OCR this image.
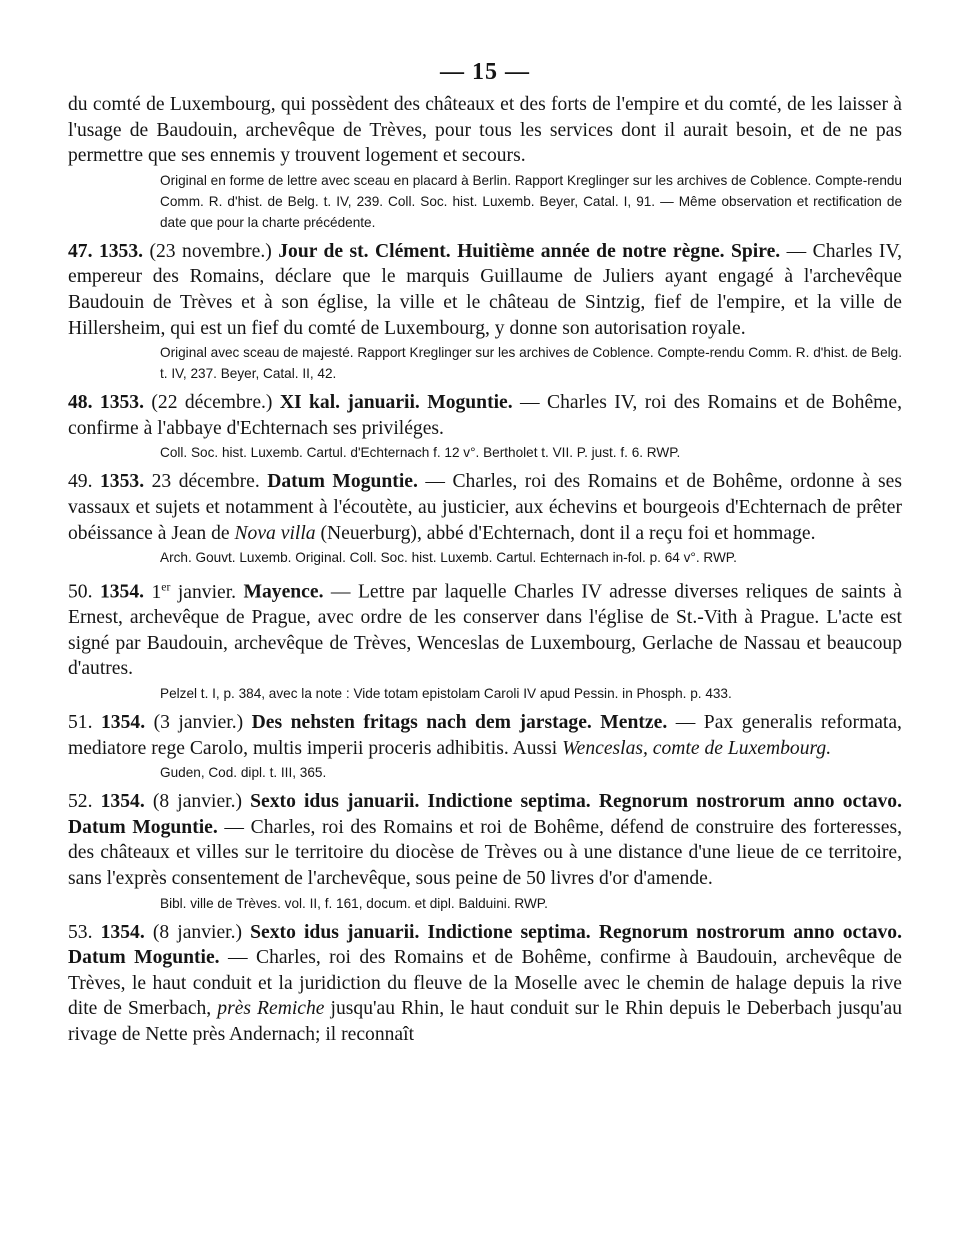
— 15 —

du comté de Luxembourg, qui possèdent des châteaux et des forts de l'empire et du comté, de les laisser à l'usage de Baudouin, archevêque de Trèves, pour tous les services dont il aurait besoin, et de ne pas permettre que ses ennemis y trouvent logement et secours.

Original en forme de lettre avec sceau en placard à Berlin. Rapport Kreglinger sur les archives de Coblence. Compte-rendu Comm. R. d'hist. de Belg. t. IV, 239. Coll. Soc. hist. Luxemb. Beyer, Catal. I, 91. — Même observation et rectification de date que pour la charte précédente.

47. 1353. (23 novembre.) Jour de st. Clément. Huitième année de notre règne. Spire. — Charles IV, empereur des Romains, déclare que le marquis Guillaume de Juliers ayant engagé à l'archevêque Baudouin de Trèves et à son église, la ville et le château de Sintzig, fief de l'empire, et la ville de Hillersheim, qui est un fief du comté de Luxembourg, y donne son autorisation royale.

Original avec sceau de majesté. Rapport Kreglinger sur les archives de Coblence. Compte-rendu Comm. R. d'hist. de Belg. t. IV, 237. Beyer, Catal. II, 42.

48. 1353. (22 décembre.) XI kal. januarii. Moguntie. — Charles IV, roi des Romains et de Bohême, confirme à l'abbaye d'Echternach ses priviléges.

Coll. Soc. hist. Luxemb. Cartul. d'Echternach f. 12 v°. Bertholet t. VII. P. just. f. 6. RWP.

49. 1353. 23 décembre. Datum Moguntie. — Charles, roi des Romains et de Bohême, ordonne à ses vassaux et sujets et notamment à l'écoutète, au justicier, aux échevins et bourgeois d'Echternach de prêter obéissance à Jean de Nova villa (Neuerburg), abbé d'Echternach, dont il a reçu foi et hommage.

Arch. Gouvt. Luxemb. Original. Coll. Soc. hist. Luxemb. Cartul. Echternach in-fol. p. 64 v°. RWP.

50. 1354. 1er janvier. Mayence. — Lettre par laquelle Charles IV adresse diverses reliques de saints à Ernest, archevêque de Prague, avec ordre de les conserver dans l'église de St.-Vith à Prague. L'acte est signé par Baudouin, archevêque de Trèves, Wenceslas de Luxembourg, Gerlache de Nassau et beaucoup d'autres.

Pelzel t. I, p. 384, avec la note : Vide totam epistolam Caroli IV apud Pessin. in Phosph. p. 433.

51. 1354. (3 janvier.) Des nehsten fritags nach dem jarstage. Mentze. — Pax generalis reformata, mediatore rege Carolo, multis imperii proceris adhibitis. Aussi Wenceslas, comte de Luxembourg.

Guden, Cod. dipl. t. III, 365.

52. 1354. (8 janvier.) Sexto idus januarii. Indictione septima. Regnorum nostrorum anno octavo. Datum Moguntie. — Charles, roi des Romains et roi de Bohême, défend de construire des forteresses, des châteaux et villes sur le territoire du diocèse de Trèves ou à une distance d'une lieue de ce territoire, sans l'exprès consentement de l'archevêque, sous peine de 50 livres d'or d'amende.

Bibl. ville de Trèves. vol. II, f. 161, docum. et dipl. Balduini. RWP.

53. 1354. (8 janvier.) Sexto idus januarii. Indictione septima. Regnorum nostrorum anno octavo. Datum Moguntie. — Charles, roi des Romains et de Bohême, confirme à Baudouin, archevêque de Trèves, le haut conduit et la juridiction du fleuve de la Moselle avec le chemin de halage depuis la rive dite de Smerbach, près Remiche jusqu'au Rhin, le haut conduit sur le Rhin depuis le Deberbach jusqu'au rivage de Nette près Andernach; il reconnaît
